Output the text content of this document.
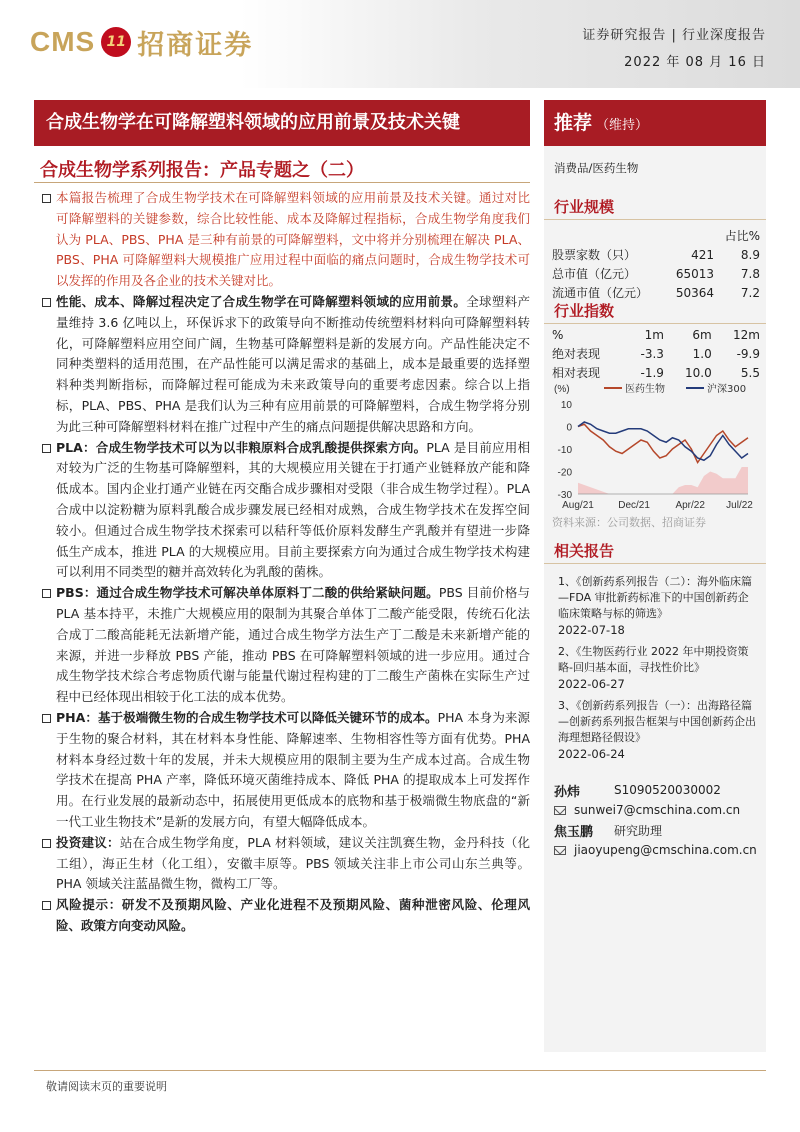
CMS 11 招商证券	证券研究报告 | 行业深度报告
2022 年 08 月 16 日
合成生物学在可降解塑料领域的应用前景及技术关键
合成生物学系列报告：产品专题之（二）
本篇报告梳理了合成生物学技术在可降解塑料领域的应用前景及技术关键。通过对比可降解塑料的关键参数，综合比较性能、成本及降解过程指标，合成生物学角度我们认为 PLA、PBS、PHA 是三种有前景的可降解塑料，文中将并分别梳理在解决 PLA、PBS、PHA 可降解塑料大规模推广应用过程中面临的痛点问题时，合成生物学技术可以发挥的作用及各企业的技术关键对比。
性能、成本、降解过程决定了合成生物学在可降解塑料领域的应用前景。全球塑料产量维持 3.6 亿吨以上，环保诉求下的政策导向不断推动传统塑料材料向可降解塑料转化，可降解塑料应用空间广阔，生物基可降解塑料是新的发展方向。产品性能决定不同种类塑料的适用范围，在产品性能可以满足需求的基础上，成本是最重要的选择塑料种类判断指标，而降解过程可能成为未来政策导向的重要考虑因素。综合以上指标，PLA、PBS、PHA 是我们认为三种有应用前景的可降解塑料，合成生物学将分别为此三种可降解塑料材料在推广过程中产生的痛点问题提供解决思路和方向。
PLA：合成生物学技术可以为以非粮原料合成乳酸提供探索方向。PLA 是目前应用相对较为广泛的生物基可降解塑料，其的大规模应用关键在于打通产业链释放产能和降低成本。国内企业打通产业链在丙交酯合成步骤相对受限（非合成生物学过程）。PLA 合成中以淀粉糖为原料乳酸合成步骤发展已经相对成熟，合成生物学技术在发挥空间较小。但通过合成生物学技术探索可以秸秆等低价原料发酵生产乳酸并有望进一步降低生产成本，推进 PLA 的大规模应用。目前主要探索方向为通过合成生物学技术构建可以利用不同类型的糖并高效转化为乳酸的菌株。
PBS：通过合成生物学技术可解决单体原料丁二酸的供给紧缺问题。PBS 目前价格与 PLA 基本持平，未推广大规模应用的限制为其聚合单体丁二酸产能受限，传统石化法合成丁二酸高能耗无法新增产能，通过合成生物学方法生产丁二酸是未来新增产能的来源，并进一步释放 PBS 产能，推动 PBS 在可降解塑料领域的进一步应用。通过合成生物学技术综合考虑物质代谢与能量代谢过程构建的丁二酸生产菌株在实际生产过程中已经体现出相较于化工法的成本优势。
PHA：基于极端微生物的合成生物学技术可以降低关键环节的成本。PHA 本身为来源于生物的聚合材料，其在材料本身性能、降解速率、生物相容性等方面有优势。PHA 材料本身经过数十年的发展，并未大规模应用的限制主要为生产成本过高。合成生物学技术在提高 PHA 产率，降低环境灭菌维持成本、降低 PHA 的提取成本上可发挥作用。在行业发展的最新动态中，拓展使用更低成本的底物和基于极端微生物底盘的“新一代工业生物技术”是新的发展方向，有望大幅降低成本。
投资建议：站在合成生物学角度，PLA 材料领域，建议关注凯赛生物，金丹科技（化工组），海正生材（化工组），安徽丰原等。PBS 领域关注非上市公司山东兰典等。PHA 领域关注蓝晶微生物，微构工厂等。
风险提示：研发不及预期风险、产业化进程不及预期风险、菌种泄密风险、伦理风险、政策方向变动风险。
推荐 （维持）
消费品/医药生物
行业规模
		占比%
股票家数（只）	421	8.9
总市值（亿元）	65013	7.8
流通市值（亿元）	50364	7.2
行业指数
%	1m	6m	12m
绝对表现	-3.3	1.0	-9.9
相对表现	-1.9	10.0	5.5
(%)	医药生物	沪深300
10
0
-10
-20
-30
Aug/21 Dec/21	Apr/22 Jul/22
资料来源：公司数据、招商证券
相关报告
1、《创新药系列报告（二）：海外临床篇—FDA 审批新药标准下的中国创新药企临床策略与标的筛选》
2022-07-18
2、《生物医药行业 2022 年中期投资策略-回归基本面，寻找性价比》
2022-06-27
3、《创新药系列报告（一）：出海路径篇—创新药系列报告框架与中国创新药企出海理想路径假设》
2022-06-24
孙炜	S1090520030002
sunwei7@cmschina.com.cn
焦玉鹏	研究助理
jiaoyupeng@cmschina.com.cn
敬请阅读末页的重要说明
